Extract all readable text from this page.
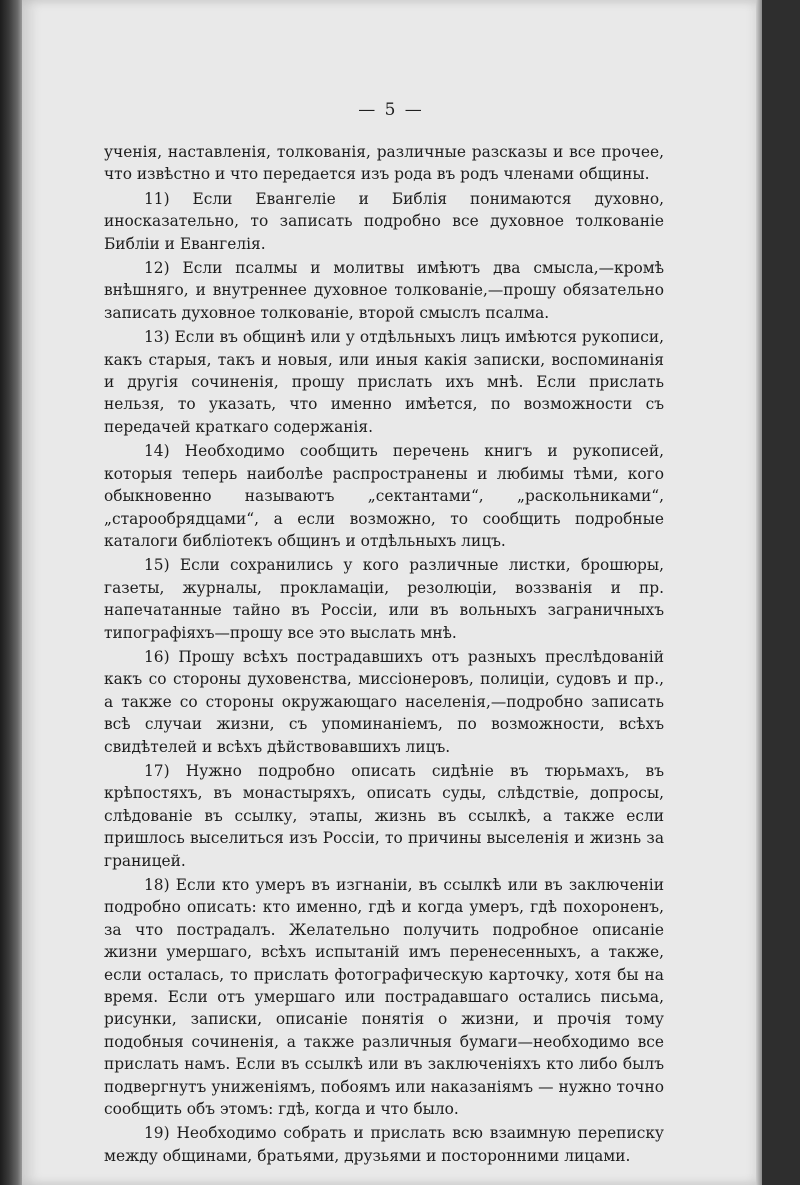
— 5 —

ученія, наставленія, толкованія, различные разсказы и все прочее, что извѣстно и что передается изъ рода въ родъ членами общины.

11) Если Евангеліе и Библія понимаются духовно, иносказательно, то записать подробно все духовное толкованіе Библіи и Евангелія.

12) Если псалмы и молитвы имѣютъ два смысла,—кромѣ внѣшняго, и внутреннее духовное толкованіе,—прошу обязательно записать духовное толкованіе, второй смыслъ псалма.

13) Если въ общинѣ или у отдѣльныхъ лицъ имѣются рукописи, какъ старыя, такъ и новыя, или иныя какія записки, воспоминанія и другія сочиненія, прошу прислать ихъ мнѣ. Если прислать нельзя, то указать, что именно имѣется, по возможности съ передачей краткаго содержанія.

14) Необходимо сообщить перечень книгъ и рукописей, которыя теперь наиболѣе распространены и любимы тѣми, кого обыкновенно называютъ „сектантами“, „раскольниками“, „старообрядцами“, а если возможно, то сообщить подробные каталоги библіотекъ общинъ и отдѣльныхъ лицъ.

15) Если сохранились у кого различные листки, брошюры, газеты, журналы, прокламаціи, резолюціи, воззванія и пр. напечатанные тайно въ Россіи, или въ вольныхъ заграничныхъ типографіяхъ—прошу все это выслать мнѣ.

16) Прошу всѣхъ пострадавшихъ отъ разныхъ преслѣдованій какъ со стороны духовенства, миссіонеровъ, полиціи, судовъ и пр., а также со стороны окружающаго населенія,—подробно записать всѣ случаи жизни, съ упоминаніемъ, по возможности, всѣхъ свидѣтелей и всѣхъ дѣйствовавшихъ лицъ.

17) Нужно подробно описать сидѣніе въ тюрьмахъ, въ крѣпостяхъ, въ монастыряхъ, описать суды, слѣдствіе, допросы, слѣдованіе въ ссылку, этапы, жизнь въ ссылкѣ, а также если пришлось выселиться изъ Россіи, то причины выселенія и жизнь за границей.

18) Если кто умеръ въ изгнаніи, въ ссылкѣ или въ заключеніи подробно описать: кто именно, гдѣ и когда умеръ, гдѣ похороненъ, за что пострадалъ. Желательно получить подробное описаніе жизни умершаго, всѣхъ испытаній имъ перенесенныхъ, а также, если осталась, то прислать фотографическую карточку, хотя бы на время. Если отъ умершаго или пострадавшаго остались письма, рисунки, записки, описаніе понятія о жизни, и прочія тому подобныя сочиненія, а также различныя бумаги—необходимо все прислать намъ. Если въ ссылкѣ или въ заключеніяхъ кто либо былъ подвергнутъ униженіямъ, побоямъ или наказаніямъ — нужно точно сообщить объ этомъ: гдѣ, когда и что было.

19) Необходимо собрать и прислать всю взаимную переписку между общинами, братьями, друзьями и посторонними лицами.
